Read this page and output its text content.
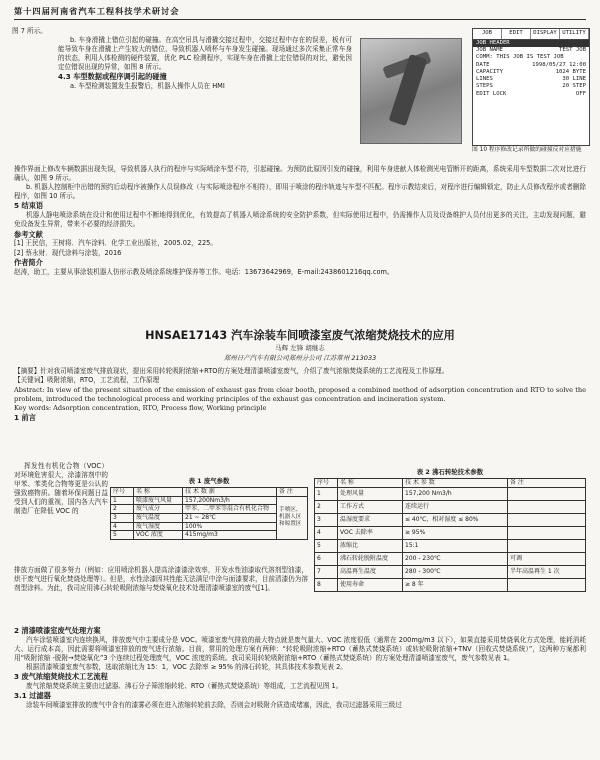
第十四届河南省汽车工程科技学术研讨会
图 7 所示。
b. 车身滑撬上错位引起的碰撞。在高空吊具与滑撬交接过程中，交接过程中存在的误差，板有可能导致车身在滑撬上产生较大的错位，导致机器人喷杯与车身发生碰撞。现场通过多次采集正常车身的状态，利用人体检测的硬件装置，优化 PLC 检测程序，实现车身在滑撬上定位错误的对比，避免因定位错误出现的异常，如图 8 所示。
4.3 车型数据或程序调引起的碰撞
a. 车型检测装置发生报警后，机器人操作人员在 HMI
JOB	EDIT	DISPLAY UTILITY
JOB HEADER
JOB NAME	TEST JOB
COMM: THIS JOB IS TEST JOB
DATE	1998/05/27 12:00
CAPACITY	1024 BYTE
LINES	30 LINE
STEPS	20 STEP
EDIT LOCK	OFF
图 10 程序修改记录所做的碰撞反对应措施
操作界面上修改车辆数据出现失误，导致机器人执行的程序与实际喷涂车型不符，引起碰撞。为预防此原因引发的碰撞，利用车身进献人体检测光电管断开的距离，系统采用车型数据二次对比进行确认，如图 9 所示。
b. 机器人控制柜中出错的预约后动程序被操作人员误修改（与实际喷涂程序不相符），即用于喷涂的程序轨迹与车型不匹配。程序示教结束后，对程序进行编辑锁定，防止人员修改程序或者删除程序，如图 10 所示。
5 结束语
机器人静电喷涂系统在设计和使用过程中不断地得到优化，有效提高了机器人喷涂系统的安全防护系数，但实际使用过程中，仍需操作人员及设备维护人员付出更多的关注，主动发现问题，避免设备发生异常，带来不必要的经济损失。
参考文献
[1] 王民信，王树将．汽车涂料．化学工业出版社，2005.02，225。
[2] 蔡永财．现代涂料与涂装，2016
作者简介
赵涛，助工，主要从事涂装机器人仿形示教及喷涂系统维护保养等工作。电话：13673642969，E-mail:2438601216qq.com。
HNSAE17143 汽车涂装车间喷漆室废气浓缩焚烧技术的应用
马辉 左锋 胡继志
郑州日产汽车有限公司郑州分公司 江苏常州 213033
【摘要】针对我司喷漆室废气排放现状，提出采用转轮吸附浓缩+RTO的方案处理清漆喷漆室废气，介绍了废气浓缩焚烧系统的工艺流程及工作原理。
【关键词】吸附浓缩，RTO，工艺流程，工作原理
Abstract: In view of the present situation of the emission of exhaust gas from clear booth, proposed a combined method of adsorption concentration and RTO to solve the problem, introduced the technological process and working principles of the exhaust gas concentration and incineration system.
Key words: Adsorption concentration, RTO, Process flow, Working principle
1 前言
挥发性有机化合物（VOC）对环境危害很大，涂漆溶剂中的甲苯、苯类化合物等更是公认的强致癌物质。随着环保问题日益受到人们的重视，国内各大汽车制造厂在降低 VOC 的
表 1 废气参数
序号	名 称	技 术 数 据	备 注
1	喷漆废气风量	157,200Nm3/h	手喷区、机器人区和晾置区
2	废气成分	甲苯、二甲苯等混合有机化合物	
3	废气温度	21 ~ 28℃	
4	废气湿度	100%	
5	VOC 浓度	415mg/m3	
表 2 沸石转轮技术参数
序号	名 称	技 术 参 数	备 注
1	处理风量	157,200 Nm3/h	
2	工作方式	连续运行	
3	温湿度要求	≤ 40℃，相对湿度 ≤ 80%	
4	VOC 去除率	≥ 95%	
5	浓缩比	15:1	
6	沸石转轮脱附温度	200 - 230℃	可调
7	高温再生温度	280 - 300℃	半年高温再生 1 次
8	使用寿命	≥ 8 年	
排放方面做了很多努力（例如：应用喷涂机器人提高涂漆漆涂效率，开发水性油漆取代溶剂型油漆，烘干废气进行氧化焚烧处理等）。但是，水性涂漆因其性能无法满足中涂与面漆要求，目前清漆仍为溶剂型涂料。为此，我司应用沸石转轮吸附浓缩与焚烧氧化技术处理清漆喷漆室的废气[1]。
2 清漆喷漆室废气处理方案
汽车涂装喷漆室内连续换风，排放废气中主要成分是 VOC。喷漆室废气排放的最大特点就是废气量大、VOC 浓度很低（通常在 200mg/m3 以下），如果直接采用焚烧氧化方式处理，能耗消耗大、运行成本高，因此需要将喷漆室排放的废气进行浓缩。目前，常用的处理方案有两种：“转轮吸附浓缩+RTO（蓄热式焚烧系统）或转轮吸附浓缩+TNV（回收式焚烧系统）”，这两种方案都利用“吸附浓缩 -脱附→焚烧氧化”3 个连续过程处理废气，VOC 浓度的系统。我司采用转轮吸附浓缩+RTO（蓄热式焚烧系统）的方案处理清漆喷漆室废气，废气参数见表 1。
根据清漆喷漆室废气参数，选取浓缩比为 15：1，VOC 去除率 ≥ 95% 的沸石转轮，其具体技术参数见表 2。
3 废气浓缩焚烧技术工艺流程
废气浓缩焚烧系统主要由过滤器、沸石分子筛浓缩转轮、RTO（蓄热式焚烧系统）等组成，工艺流程见图 1。
3.1 过滤器
涂装车间喷漆室排放的废气中含有的漆雾必须在进入浓缩转轮前去除，否则会对吸附介质造成堵塞，因此，我司过滤器采用三级过
